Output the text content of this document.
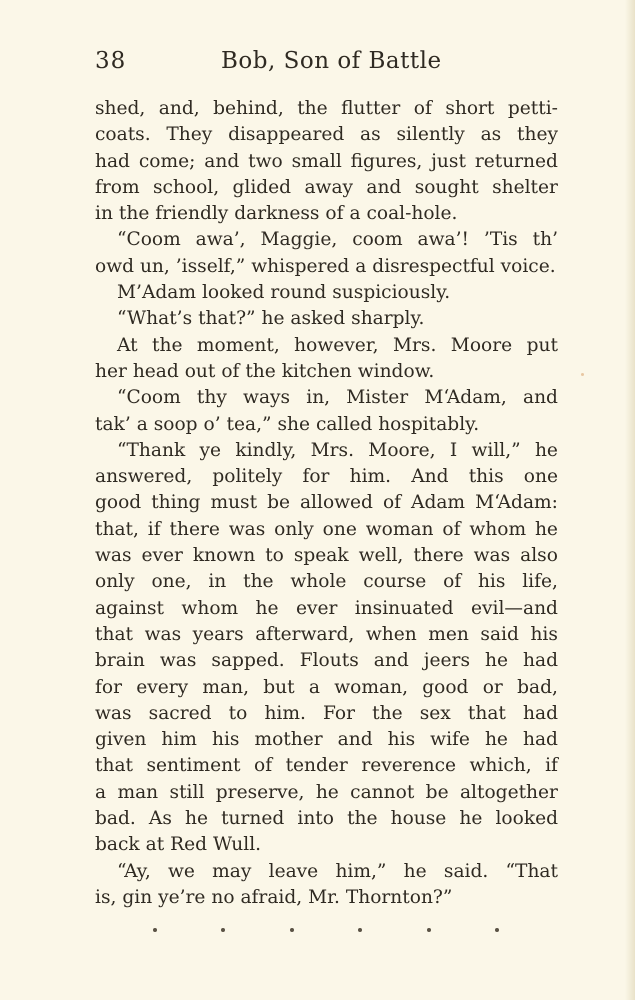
38	Bob, Son of Battle
shed, and, behind, the flutter of short petti-
coats. They disappeared as silently as they
had come; and two small figures, just returned
from school, glided away and sought shelter
in the friendly darkness of a coal-hole.
“Coom awa’, Maggie, coom awa’! ’Tis th’
owd un, ’isself,” whispered a disrespectful voice.
M’Adam looked round suspiciously.
“What’s that?” he asked sharply.
At the moment, however, Mrs. Moore put
her head out of the kitchen window.
“Coom thy ways in, Mister M‘Adam, and
tak’ a soop o’ tea,” she called hospitably.
“Thank ye kindly, Mrs. Moore, I will,” he
answered, politely for him. And this one
good thing must be allowed of Adam M‘Adam:
that, if there was only one woman of whom he
was ever known to speak well, there was also
only one, in the whole course of his life,
against whom he ever insinuated evil—and
that was years afterward, when men said his
brain was sapped. Flouts and jeers he had
for every man, but a woman, good or bad,
was sacred to him. For the sex that had
given him his mother and his wife he had
that sentiment of tender reverence which, if
a man still preserve, he cannot be altogether
bad. As he turned into the house he looked
back at Red Wull.
“Ay, we may leave him,” he said. “That
is, gin ye’re no afraid, Mr. Thornton?”
